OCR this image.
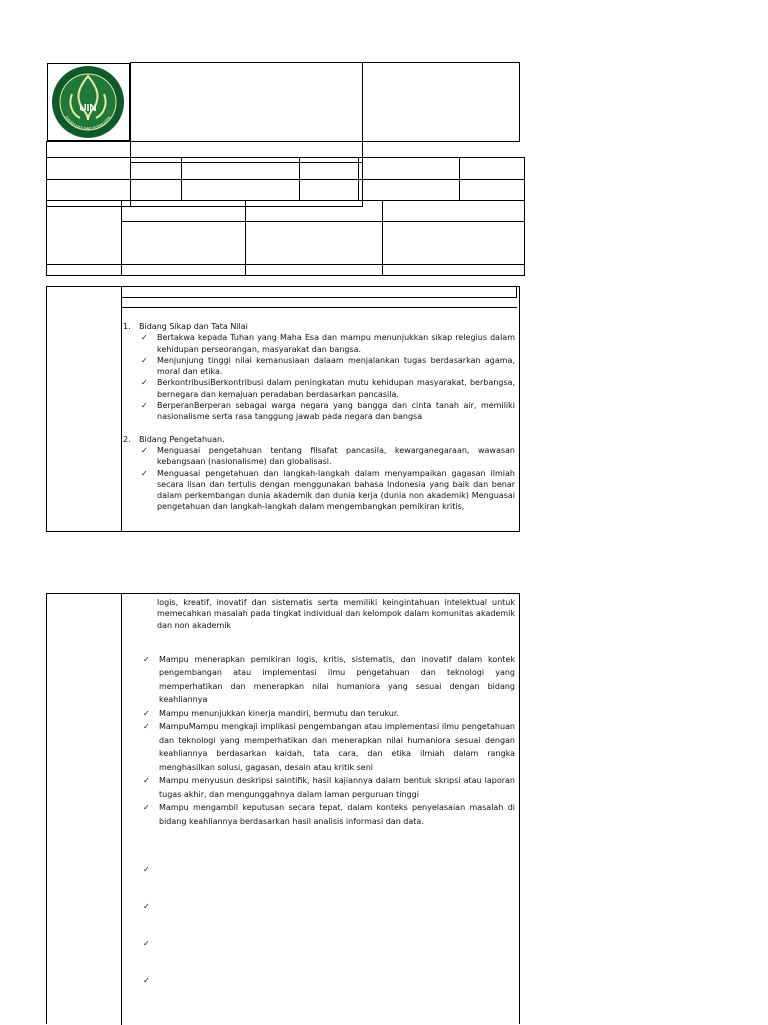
UIN
RADEN MAS SAID SURAKARTA

1. Bidang Sikap dan Tata Nilai

✓ Bertakwa kepada Tuhan yang Maha Esa dan mampu menunjukkan sikap relegius dalam kehidupan perseorangan, masyarakat dan bangsa.
✓ Menjunjung tinggi nilai kemanusiaan dalaam menjalankan tugas berdasarkan agama, moral dan etika.
✓ BerkontribusiBerkontribusi dalam peningkatan mutu kehidupan masyarakat, berbangsa, bernegara dan kemajuan peradaban berdasarkan pancasila.
✓ BerperanBerperan sebagai warga negara yang bangga dan cinta tanah air, memiliki nasionalisme serta rasa tanggung jawab pada negara dan bangsa

2. Bidang Pengetahuan.

✓ Menguasai pengetahuan tentang filsafat pancasila, kewarganegaraan, wawasan kebangsaan (nasionalisme) dan globalisasi.
✓ Menguasai pengetahuan dan langkah-langkah dalam menyampaikan gagasan ilmiah secara lisan dan tertulis dengan menggunakan bahasa Indonesia yang baik dan benar dalam perkembangan dunia akademik dan dunia kerja (dunia non akademik) Menguasai pengetahuan dan langkah-langkah dalam mengembangkan pemikiran kritis,

logis, kreatif, inovatif dan sistematis serta memiliki keingintahuan intelektual untuk memecahkan masalah pada tingkat individual dan kelompok dalam komunitas akademik dan non akademik

✓ Mampu menerapkan pemikiran logis, kritis, sistematis, dan inovatif dalam kontek pengembangan atau implementasi ilmu pengetahuan dan teknologi yang memperhatikan dan menerapkan nilai humaniora yang sesuai dengan bidang keahliannya
✓ Mampu menunjukkan kinerja mandiri, bermutu dan terukur.
✓ MampuMampu mengkaji implikasi pengembangan atau implementasi ilmu pengetahuan dan teknologi yang memperhatikan dan menerapkan nilai humaniora sesuai dengan keahliannya berdasarkan kaidah, tata cara, dan etika ilmiah dalam rangka menghasilkan solusi, gagasan, desain atau kritik seni
✓ Mampu menyusun deskripsi saintifik, hasil kajiannya dalam bentuk skripsi atau laporan tugas akhir, dan mengunggahnya dalam laman perguruan tinggi
✓ Mampu mengambil keputusan secara tepat, dalam konteks penyelasaian masalah di bidang keahliannya berdasarkan hasil analisis informasi dan data.
✓
✓
✓
✓
